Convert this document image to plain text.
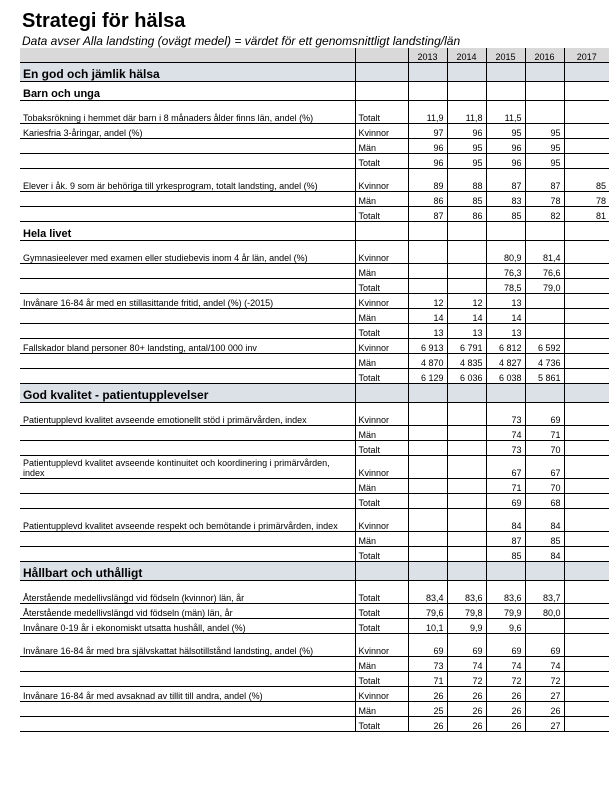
Strategi för hälsa
Data avser Alla landsting (ovägt medel) = värdet för ett genomsnittligt landsting/län
		2013	2014	2015	2016	2017
En god och jämlik hälsa						
Barn och unga						
Tobaksrökning i hemmet där barn i 8 månaders ålder finns län, andel (%)	Totalt	11,9	11,8	11,5		
Kariesfria 3-åringar, andel (%)	Kvinnor	97	96	95	95	
	Män	96	95	96	95	
	Totalt	96	95	96	95	
Elever i åk. 9 som är behöriga till yrkesprogram, totalt landsting, andel (%)	Kvinnor	89	88	87	87	85
	Män	86	85	83	78	78
	Totalt	87	86	85	82	81
Hela livet						
Gymnasieelever med examen eller studiebevis inom 4 år län, andel (%)	Kvinnor			80,9	81,4	
	Män			76,3	76,6	
	Totalt			78,5	79,0	
Invånare 16-84 år med en stillasittande fritid, andel (%) (-2015)	Kvinnor	12	12	13		
	Män	14	14	14		
	Totalt	13	13	13		
Fallskador bland personer 80+ landsting, antal/100 000 inv	Kvinnor	6 913	6 791	6 812	6 592	
	Män	4 870	4 835	4 827	4 736	
	Totalt	6 129	6 036	6 038	5 861	
God kvalitet - patientupplevelser						
Patientupplevd kvalitet avseende emotionellt stöd i primärvården, index	Kvinnor			73	69	
	Män			74	71	
	Totalt			73	70	
Patientupplevd kvalitet avseende kontinuitet och koordinering i primärvården, index	Kvinnor			67	67	
	Män			71	70	
	Totalt			69	68	
Patientupplevd kvalitet avseende respekt och bemötande i primärvården, index	Kvinnor			84	84	
	Män			87	85	
	Totalt			85	84	
Hållbart och uthålligt						
Återstående medellivslängd vid födseln (kvinnor) län, år	Totalt	83,4	83,6	83,6	83,7	
Återstående medellivslängd vid födseln (män) län, år	Totalt	79,6	79,8	79,9	80,0	
Invånare 0-19 år i ekonomiskt utsatta hushåll, andel (%)	Totalt	10,1	9,9	9,6		
Invånare 16-84 år med bra självskattat hälsotillstånd landsting, andel (%)	Kvinnor	69	69	69	69	
	Män	73	74	74	74	
	Totalt	71	72	72	72	
Invånare 16-84 år med avsaknad av tillit till andra, andel (%)	Kvinnor	26	26	26	27	
	Män	25	26	26	26	
	Totalt	26	26	26	27	
